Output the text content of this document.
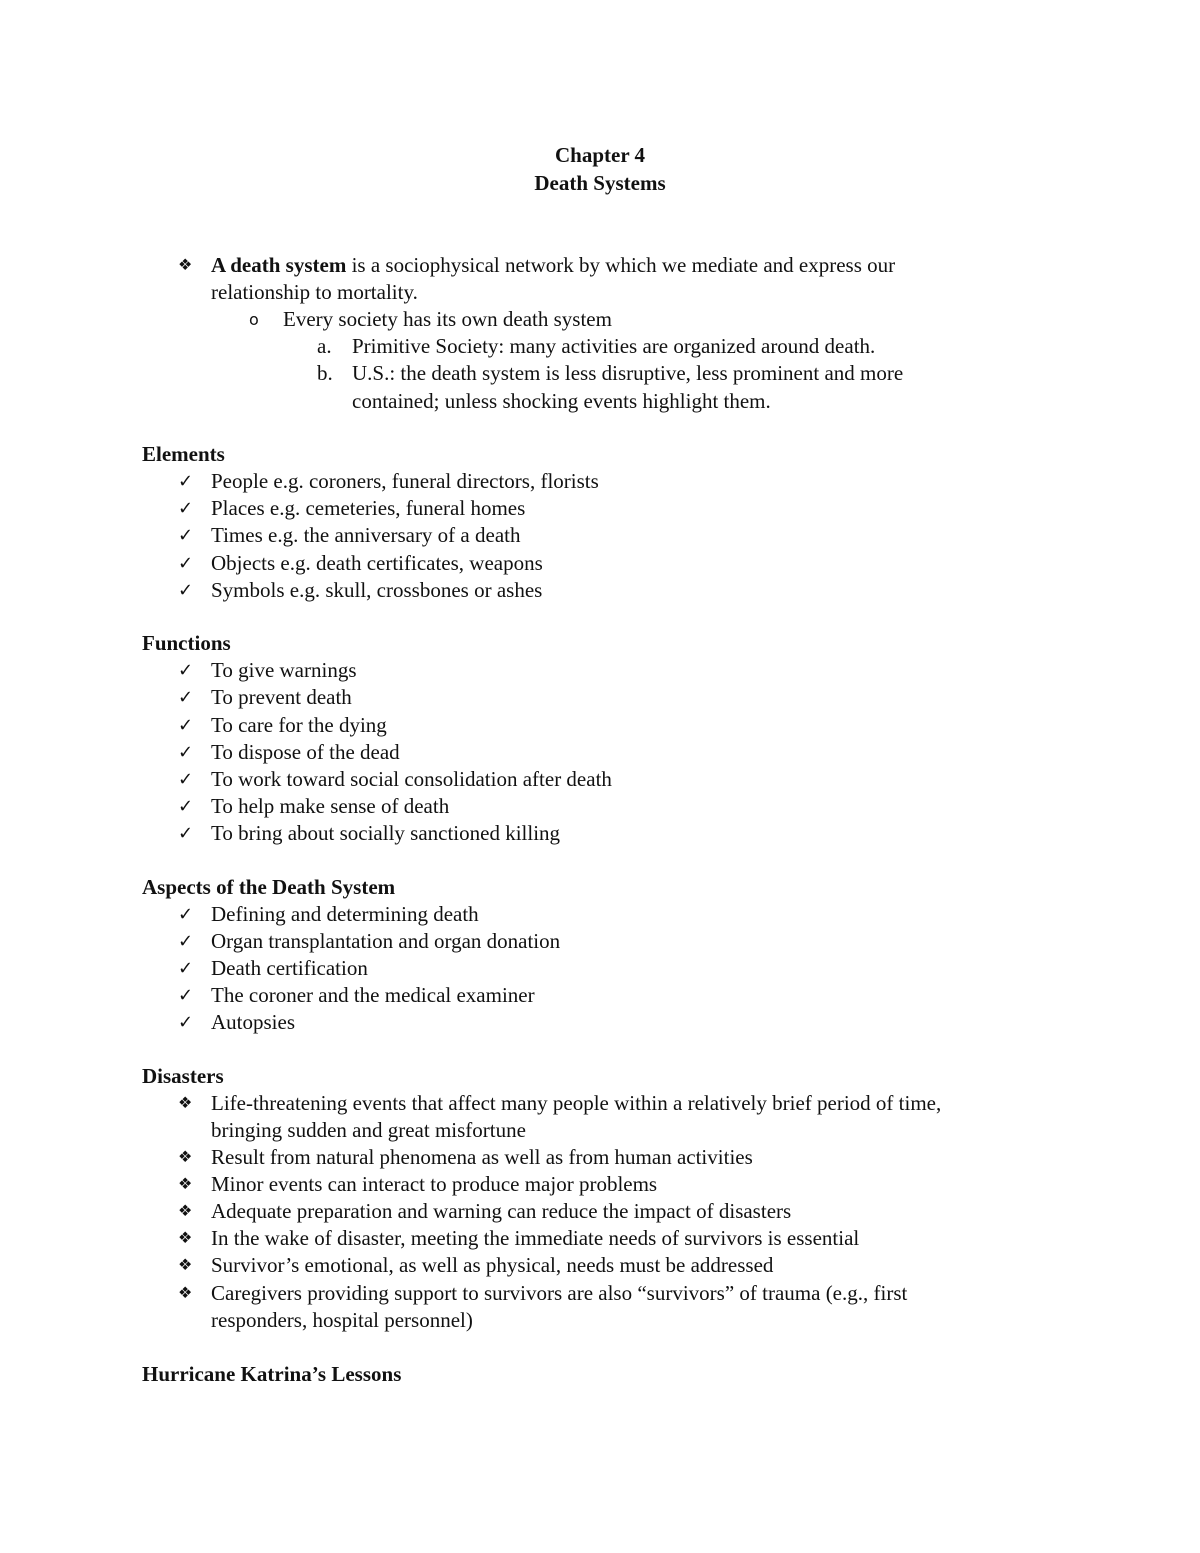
Chapter 4
Death Systems
❖ A death system is a sociophysical network by which we mediate and express our
relationship to mortality.
o	Every society has its own death system
a. Primitive Society: many activities are organized around death.
b. U.S.: the death system is less disruptive, less prominent and more
contained; unless shocking events highlight them.
Elements
✓ People e.g. coroners, funeral directors, florists
✓ Places e.g. cemeteries, funeral homes
✓ Times e.g. the anniversary of a death
✓ Objects e.g. death certificates, weapons
✓ Symbols e.g. skull, crossbones or ashes
Functions
✓ To give warnings
✓ To prevent death
✓ To care for the dying
✓ To dispose of the dead
✓ To work toward social consolidation after death
✓ To help make sense of death
✓ To bring about socially sanctioned killing
Aspects of the Death System
✓ Defining and determining death
✓ Organ transplantation and organ donation
✓ Death certification
✓ The coroner and the medical examiner
✓ Autopsies
Disasters
❖ Life-threatening events that affect many people within a relatively brief period of time,
bringing sudden and great misfortune
❖ Result from natural phenomena as well as from human activities
❖ Minor events can interact to produce major problems
❖ Adequate preparation and warning can reduce the impact of disasters
❖ In the wake of disaster, meeting the immediate needs of survivors is essential
❖ Survivor’s emotional, as well as physical, needs must be addressed
❖ Caregivers providing support to survivors are also “survivors” of trauma (e.g., first
responders, hospital personnel)
Hurricane Katrina’s Lessons
